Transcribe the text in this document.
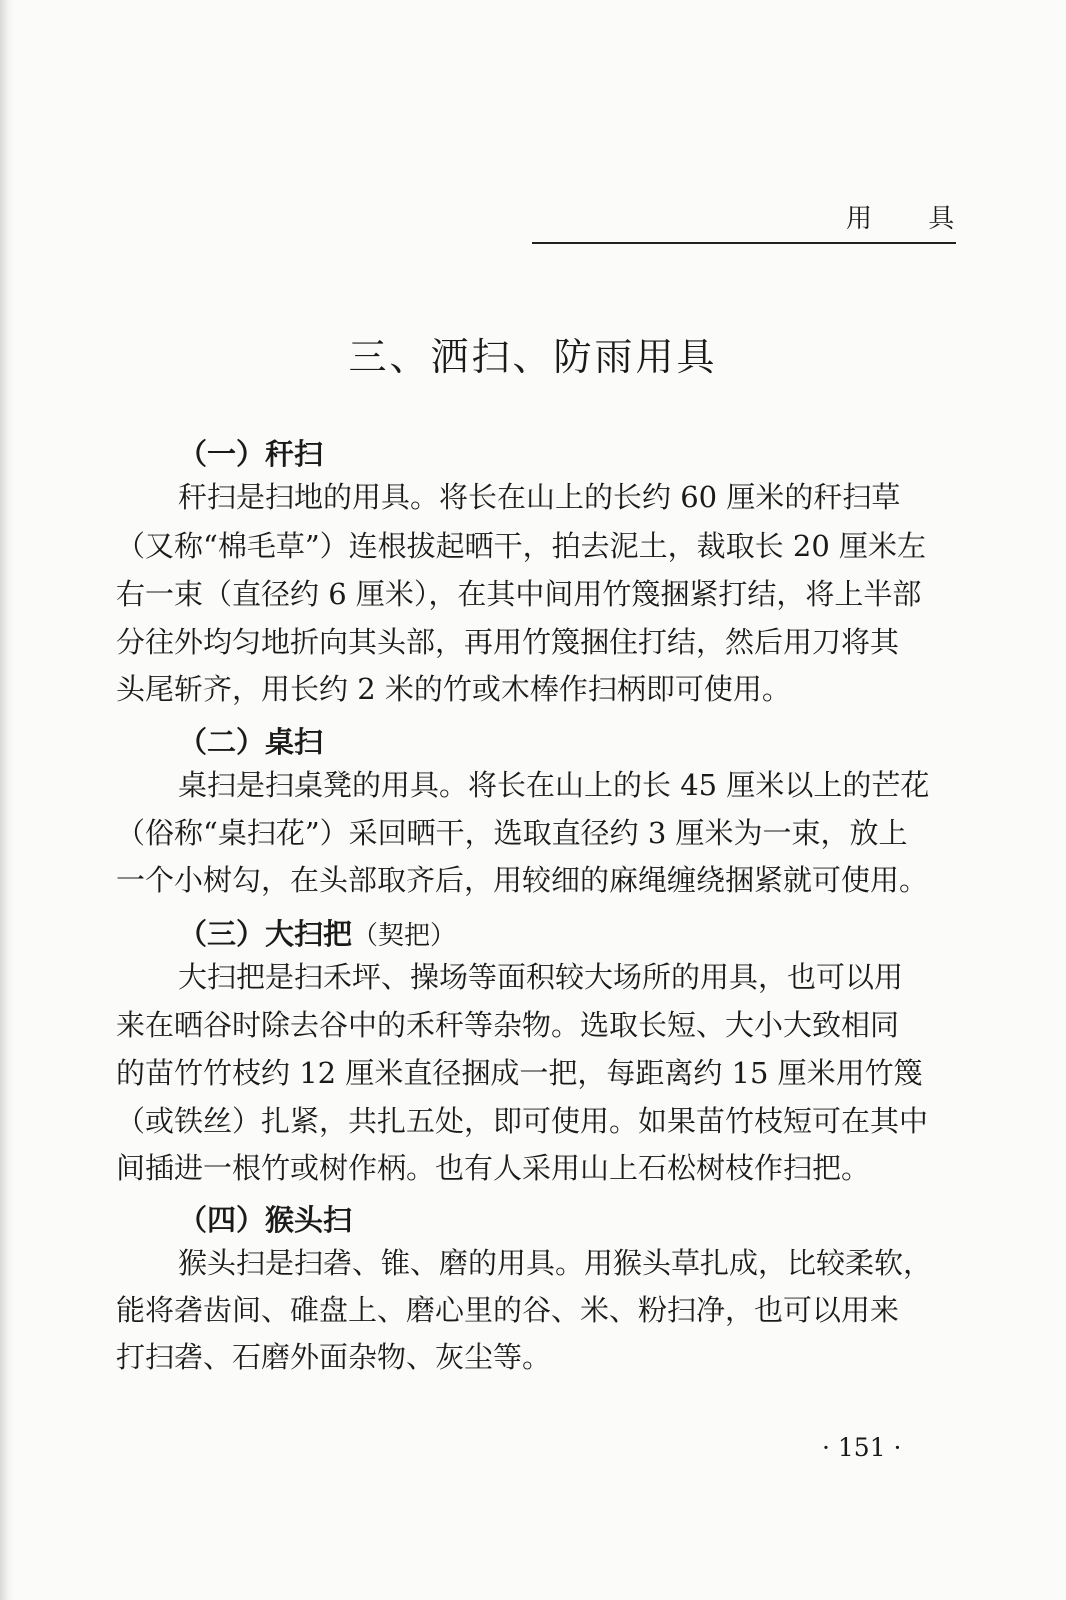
用 具
三、洒扫、防雨用具
（一）秆扫
秆扫是扫地的用具。将长在山上的长约 60 厘米的秆扫草
（又称“棉毛草”）连根拔起晒干，拍去泥土，裁取长 20 厘米左
右一束（直径约 6 厘米），在其中间用竹篾捆紧打结，将上半部
分往外均匀地折向其头部，再用竹篾捆住打结，然后用刀将其
头尾斩齐，用长约 2 米的竹或木棒作扫柄即可使用。
（二）桌扫
桌扫是扫桌凳的用具。将长在山上的长 45 厘米以上的芒花
（俗称“桌扫花”）采回晒干，选取直径约 3 厘米为一束，放上
一个小树勾，在头部取齐后，用较细的麻绳缠绕捆紧就可使用。
（三）大扫把（契把）
大扫把是扫禾坪、操场等面积较大场所的用具，也可以用
来在晒谷时除去谷中的禾秆等杂物。选取长短、大小大致相同
的苗竹竹枝约 12 厘米直径捆成一把，每距离约 15 厘米用竹篾
（或铁丝）扎紧，共扎五处，即可使用。如果苗竹枝短可在其中
间插进一根竹或树作柄。也有人采用山上石松树枝作扫把。
（四）猴头扫
猴头扫是扫砻、锥、磨的用具。用猴头草扎成，比较柔软，
能将砻齿间、碓盘上、磨心里的谷、米、粉扫净，也可以用来
打扫砻、石磨外面杂物、灰尘等。
· 151 ·
